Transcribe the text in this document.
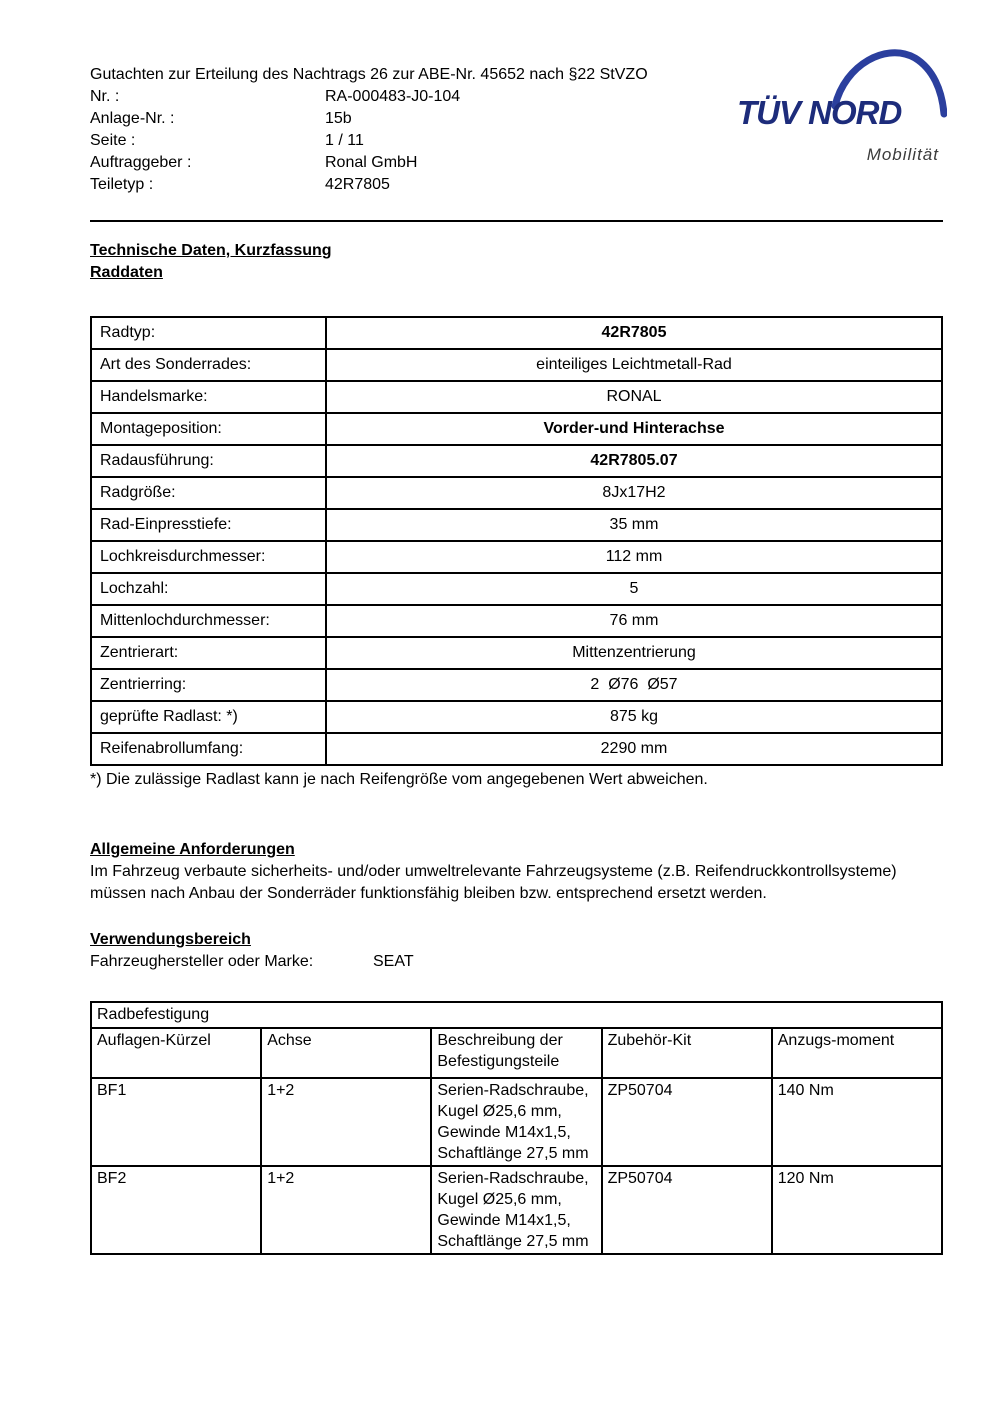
Gutachten zur Erteilung des Nachtrags 26 zur ABE-Nr. 45652 nach §22 StVZO
Nr. :	RA-000483-J0-104
Anlage-Nr. :	15b
Seite :	1 / 11
Auftraggeber :	Ronal GmbH
Teiletyp :	42R7805
TÜV NORD
Mobilität
Technische Daten, Kurzfassung
Raddaten
Radtyp:	42R7805
Art des Sonderrades:	einteiliges Leichtmetall-Rad
Handelsmarke:	RONAL
Montageposition:	Vorder-und Hinterachse
Radausführung:	42R7805.07
Radgröße:	8Jx17H2
Rad-Einpresstiefe:	35 mm
Lochkreisdurchmesser:	112 mm
Lochzahl:	5
Mittenlochdurchmesser:	76 mm
Zentrierart:	Mittenzentrierung
Zentrierring:	2  Ø76  Ø57
geprüfte Radlast: *)	875 kg
Reifenabrollumfang:	2290 mm
*) Die zulässige Radlast kann je nach Reifengröße vom angegebenen Wert abweichen.
Allgemeine Anforderungen

Im Fahrzeug verbaute sicherheits- und/oder umweltrelevante Fahrzeugsysteme (z.B. Reifendruckkontrollsysteme) müssen nach Anbau der Sonderräder funktionsfähig bleiben bzw. entsprechend ersetzt werden.

Verwendungsbereich
Fahrzeughersteller oder Marke:	SEAT
Radbefestigung				
Auflagen-Kürzel	Achse	Beschreibung der Befestigungsteile	Zubehör-Kit	Anzugs-moment
BF1	1+2	Serien-Radschraube, Kugel Ø25,6 mm, Gewinde M14x1,5, Schaftlänge 27,5 mm	ZP50704	140 Nm
BF2	1+2	Serien-Radschraube, Kugel Ø25,6 mm, Gewinde M14x1,5, Schaftlänge 27,5 mm	ZP50704	120 Nm
